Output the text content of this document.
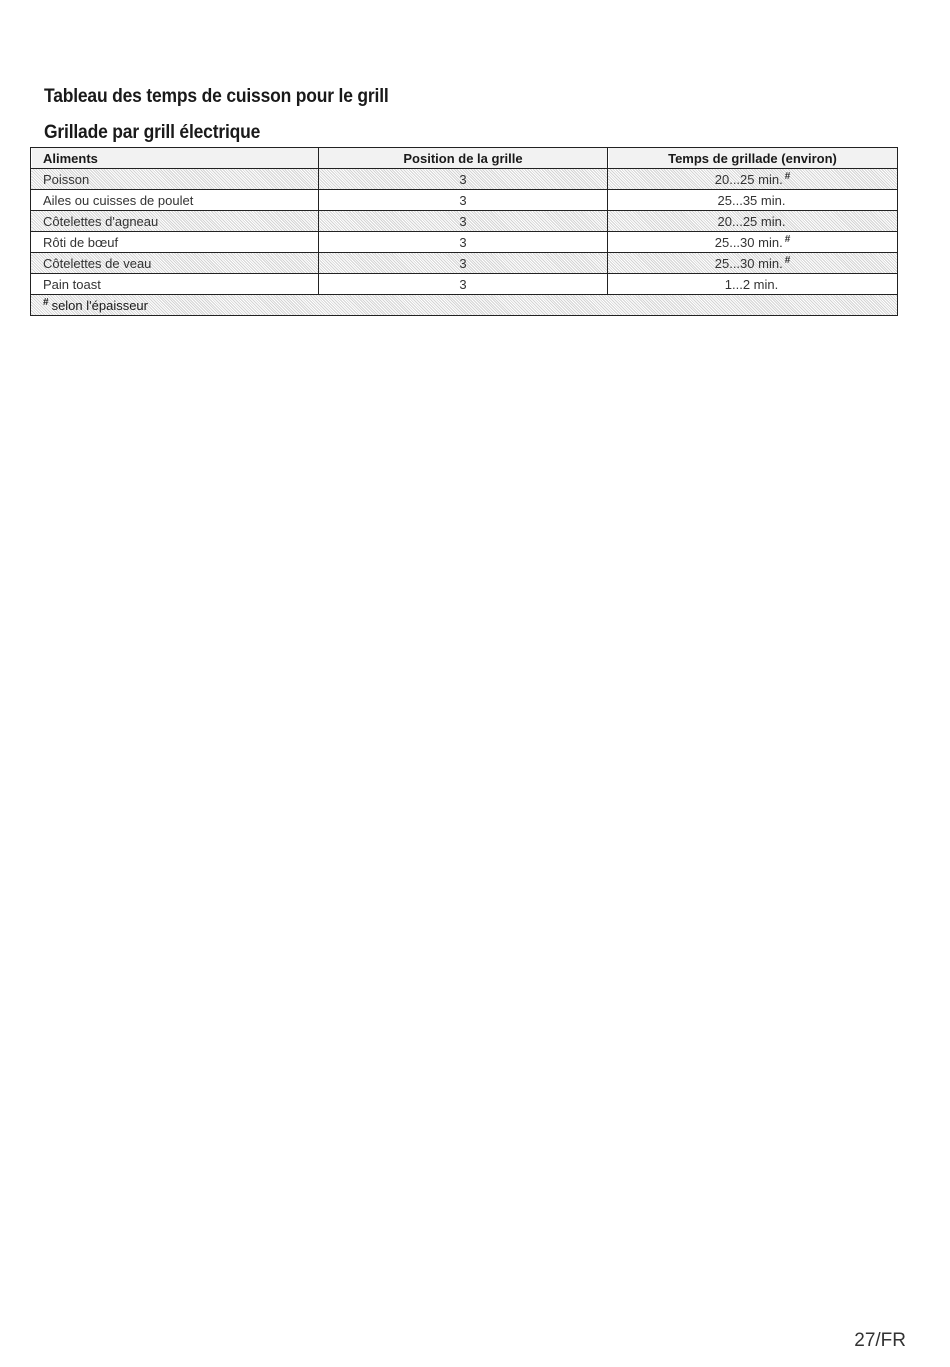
Tableau des temps de cuisson pour le grill
Grillade par grill électrique
Aliments	Position de la grille	Temps de grillade (environ)
Poisson	3	20...25 min. #
Ailes ou cuisses de poulet	3	25...35 min.
Côtelettes d'agneau	3	20...25 min.
Rôti de bœuf	3	25...30 min. #
Côtelettes de veau	3	25...30 min. #
Pain toast	3	1...2 min.
# selon l'épaisseur		
27/FR
